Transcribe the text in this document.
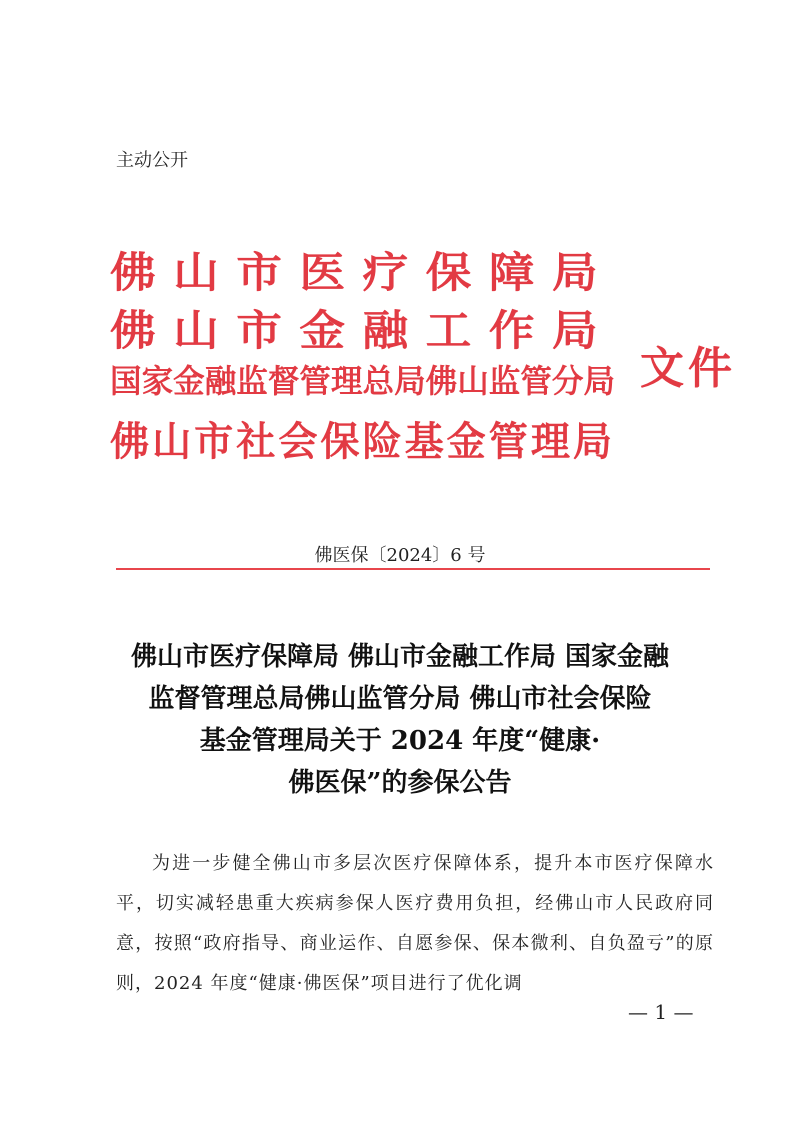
主动公开
佛山市医疗保障局
佛山市金融工作局
国家金融监督管理总局佛山监管分局
佛山市社会保险基金管理局
文件
佛医保〔2024〕6 号
佛山市医疗保障局 佛山市金融工作局 国家金融
监督管理总局佛山监管分局 佛山市社会保险
基金管理局关于 2024 年度“健康·
佛医保”的参保公告

为进一步健全佛山市多层次医疗保障体系，提升本市医疗保障水平，切实减轻患重大疾病参保人医疗费用负担，经佛山市人民政府同意，按照“政府指导、商业运作、自愿参保、保本微利、自负盈亏”的原则，2024 年度“健康·佛医保”项目进行了优化调

— 1 —
